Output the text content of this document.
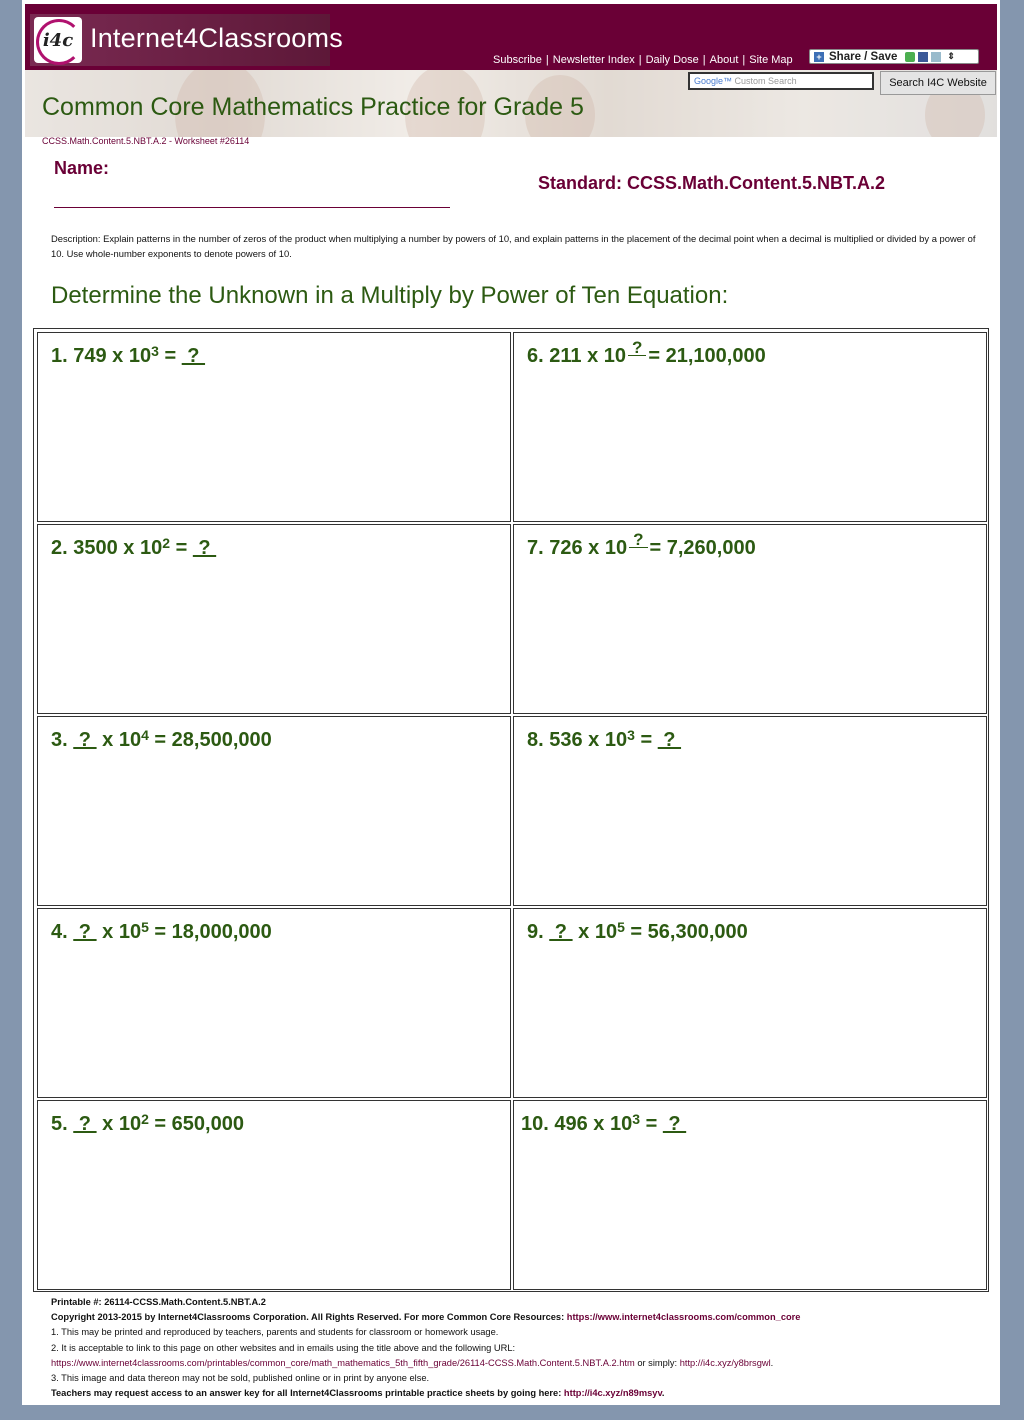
i4c Internet4Classrooms
Subscribe | Newsletter Index | Daily Dose | About | Site Map	+ Share / Save	⇕
Google™ Custom Search	Search I4C Website
Common Core Mathematics Practice for Grade 5
CCSS.Math.Content.5.NBT.A.2 - Worksheet #26114
Name:
Standard: CCSS.Math.Content.5.NBT.A.2
Description: Explain patterns in the number of zeros of the product when multiplying a number by powers of 10, and explain patterns in the placement of the decimal point when a decimal is multiplied or divided by a power of 10. Use whole-number exponents to denote powers of 10.
Determine the Unknown in a Multiply by Power of Ten Equation:
1. 749 x $10^3$ =  ?
2. 3500 x $10^2$ =  ?
3.  ?  x $10^4 = 28,500,000$
4.  ?  x $10^5 = 18,000,000$
5.  ?  x $10^2 = 650,000$
6. 211 x 10 ? = 21,100,000
7. 726 x 10 ? = 7,260,000
8. 536 x $10^3$ =  ?
9.  ?  x $10^5 = 56,300,000$
10. 496 x $10^3$ =  ?
Printable #: 26114-CCSS.Math.Content.5.NBT.A.2
Copyright 2013-2015 by Internet4Classrooms Corporation. All Rights Reserved. For more Common Core Resources: https://www.internet4classrooms.com/common_core
1. This may be printed and reproduced by teachers, parents and students for classroom or homework usage.
2. It is acceptable to link to this page on other websites and in emails using the title above and the following URL:
https://www.internet4classrooms.com/printables/common_core/math_mathematics_5th_fifth_grade/26114-CCSS.Math.Content.5.NBT.A.2.htm or simply: http://i4c.xyz/y8brsgwl.
3. This image and data thereon may not be sold, published online or in print by anyone else.
Teachers may request access to an answer key for all Internet4Classrooms printable practice sheets by going here: http://i4c.xyz/n89msyv.
